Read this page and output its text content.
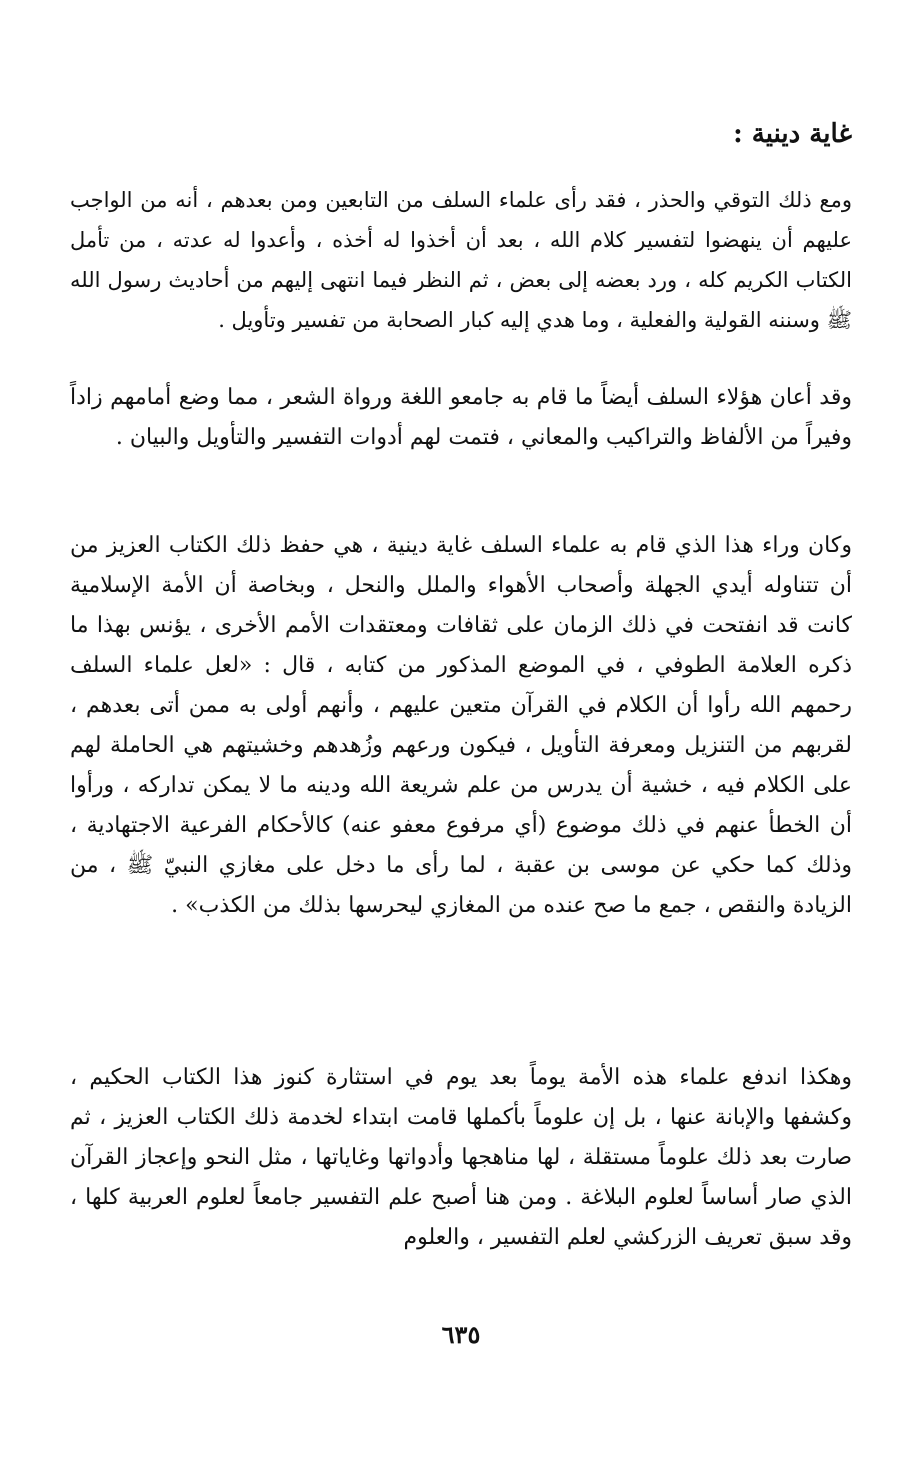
غاية دينية :

ومع ذلك التوقي والحذر ، فقد رأى علماء السلف من التابعين ومن بعدهم ، أنه من الواجب عليهم أن ينهضوا لتفسير كلام الله ، بعد أن أخذوا له أخذه ، وأعدوا له عدته ، من تأمل الكتاب الكريم كله ، ورد بعضه إلى بعض ، ثم النظر فيما انتهى إليهم من أحاديث رسول الله ﷺ وسننه القولية والفعلية ، وما هدي إليه كبار الصحابة من تفسير وتأويل .

وقد أعان هؤلاء السلف أيضاً ما قام به جامعو اللغة ورواة الشعر ، مما وضع أمامهم زاداً وفيراً من الألفاظ والتراكيب والمعاني ، فتمت لهم أدوات التفسير والتأويل والبيان .

وكان وراء هذا الذي قام به علماء السلف غاية دينية ، هي حفظ ذلك الكتاب العزيز من أن تتناوله أيدي الجهلة وأصحاب الأهواء والملل والنحل ، وبخاصة أن الأمة الإسلامية كانت قد انفتحت في ذلك الزمان على ثقافات ومعتقدات الأمم الأخرى ، يؤنس بهذا ما ذكره العلامة الطوفي ، في الموضع المذكور من كتابه ، قال : «لعل علماء السلف رحمهم الله رأوا أن الكلام في القرآن متعين عليهم ، وأنهم أولى به ممن أتى بعدهم ، لقربهم من التنزيل ومعرفة التأويل ، فيكون ورعهم وزُهدهم وخشيتهم هي الحاملة لهم على الكلام فيه ، خشية أن يدرس من علم شريعة الله ودينه ما لا يمكن تداركه ، ورأوا أن الخطأ عنهم في ذلك موضوع (أي مرفوع معفو عنه) كالأحكام الفرعية الاجتهادية ، وذلك كما حكي عن موسى بن عقبة ، لما رأى ما دخل على مغازي النبيّ ﷺ ، من الزيادة والنقص ، جمع ما صح عنده من المغازي ليحرسها بذلك من الكذب» .

وهكذا اندفع علماء هذه الأمة يوماً بعد يوم في استثارة كنوز هذا الكتاب الحكيم ، وكشفها والإبانة عنها ، بل إن علوماً بأكملها قامت ابتداء لخدمة ذلك الكتاب العزيز ، ثم صارت بعد ذلك علوماً مستقلة ، لها مناهجها وأدواتها وغاياتها ، مثل النحو وإعجاز القرآن الذي صار أساساً لعلوم البلاغة . ومن هنا أصبح علم التفسير جامعاً لعلوم العربية كلها ، وقد سبق تعريف الزركشي لعلم التفسير ، والعلوم

٦٣٥
